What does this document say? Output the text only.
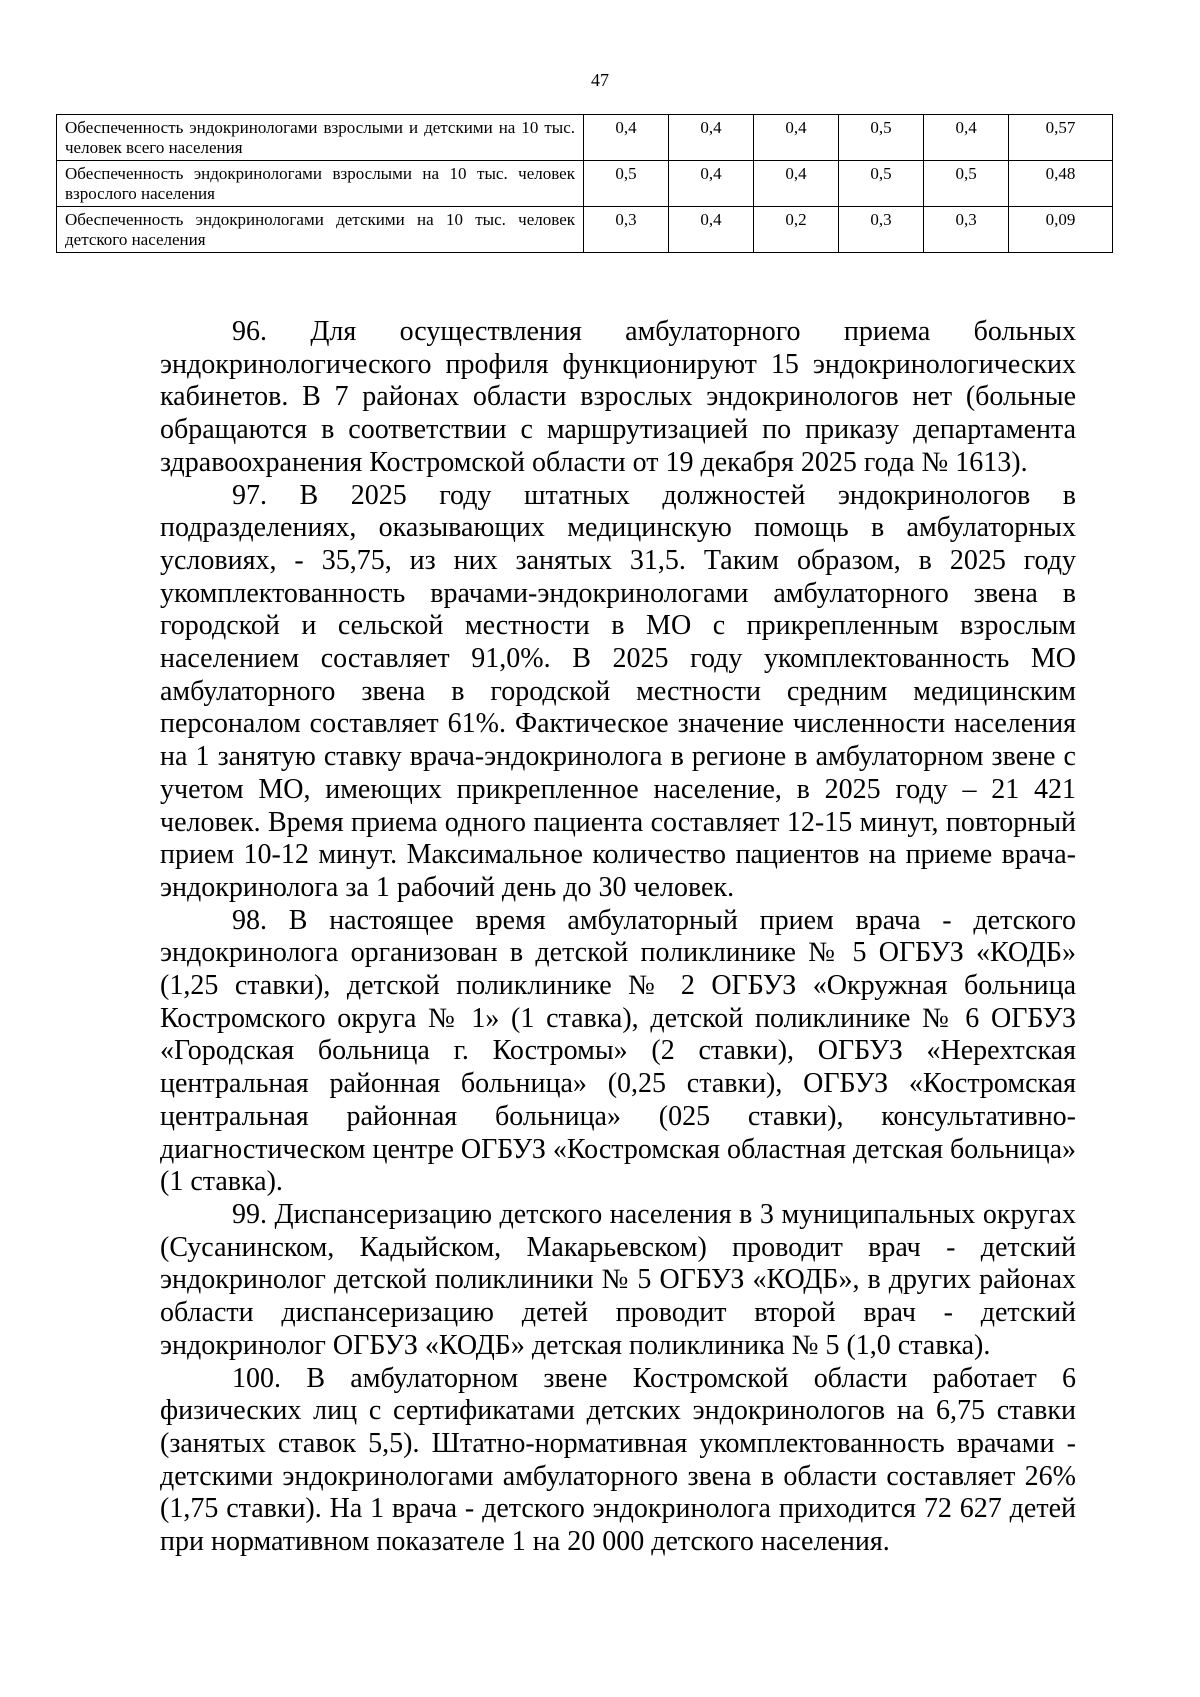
47
Обеспеченность эндокринологами взрослыми и детскими на 10 тыс. человек всего населения	0,4	0,4	0,4	0,5	0,4	0,57
Обеспеченность эндокринологами взрослыми на 10 тыс. человек взрослого населения	0,5	0,4	0,4	0,5	0,5	0,48
Обеспеченность эндокринологами детскими на 10 тыс. человек детского населения	0,3	0,4	0,2	0,3	0,3	0,09

96. Для осуществления амбулаторного приема больных эндокринологического профиля функционируют 15 эндокринологических кабинетов. В 7 районах области взрослых эндокринологов нет (больные обращаются в соответствии с маршрутизацией по приказу департамента здравоохранения Костромской области от 19 декабря 2025 года № 1613).

97. В 2025 году штатных должностей эндокринологов в подразделениях, оказывающих медицинскую помощь в амбулаторных условиях, - 35,75, из них занятых 31,5. Таким образом, в 2025 году укомплектованность врачами-эндокринологами амбулаторного звена в городской и сельской местности в МО с прикрепленным взрослым населением составляет 91,0%. В 2025 году укомплектованность МО амбулаторного звена в городской местности средним медицинским персоналом составляет 61%. Фактическое значение численности населения на 1 занятую ставку врача-эндокринолога в регионе в амбулаторном звене с учетом МО, имеющих прикрепленное население, в 2025 году – 21 421 человек. Время приема одного пациента составляет 12-15 минут, повторный прием 10-12 минут. Максимальное количество пациентов на приеме врача-эндокринолога за 1 рабочий день до 30 человек.

98. В настоящее время амбулаторный прием врача - детского эндокринолога организован в детской поликлинике № 5 ОГБУЗ «КОДБ» (1,25 ставки), детской поликлинике № 2 ОГБУЗ «Окружная больница Костромского округа № 1» (1 ставка), детской поликлинике № 6 ОГБУЗ «Городская больница г. Костромы» (2 ставки), ОГБУЗ «Нерехтская центральная районная больница» (0,25 ставки), ОГБУЗ «Костромская центральная районная больница» (025 ставки), консультативно-диагностическом центре ОГБУЗ «Костромская областная детская больница» (1 ставка).

99. Диспансеризацию детского населения в 3 муниципальных округах (Сусанинском, Кадыйском, Макарьевском) проводит врач - детский эндокринолог детской поликлиники № 5 ОГБУЗ «КОДБ», в других районах области диспансеризацию детей проводит второй врач - детский эндокринолог ОГБУЗ «КОДБ» детская поликлиника № 5 (1,0 ставка).

100. В амбулаторном звене Костромской области работает 6 физических лиц с сертификатами детских эндокринологов на 6,75 ставки (занятых ставок 5,5). Штатно-нормативная укомплектованность врачами - детскими эндокринологами амбулаторного звена в области составляет 26% (1,75 ставки). На 1 врача - детского эндокринолога приходится 72 627 детей при нормативном показателе 1 на 20 000 детского населения.
